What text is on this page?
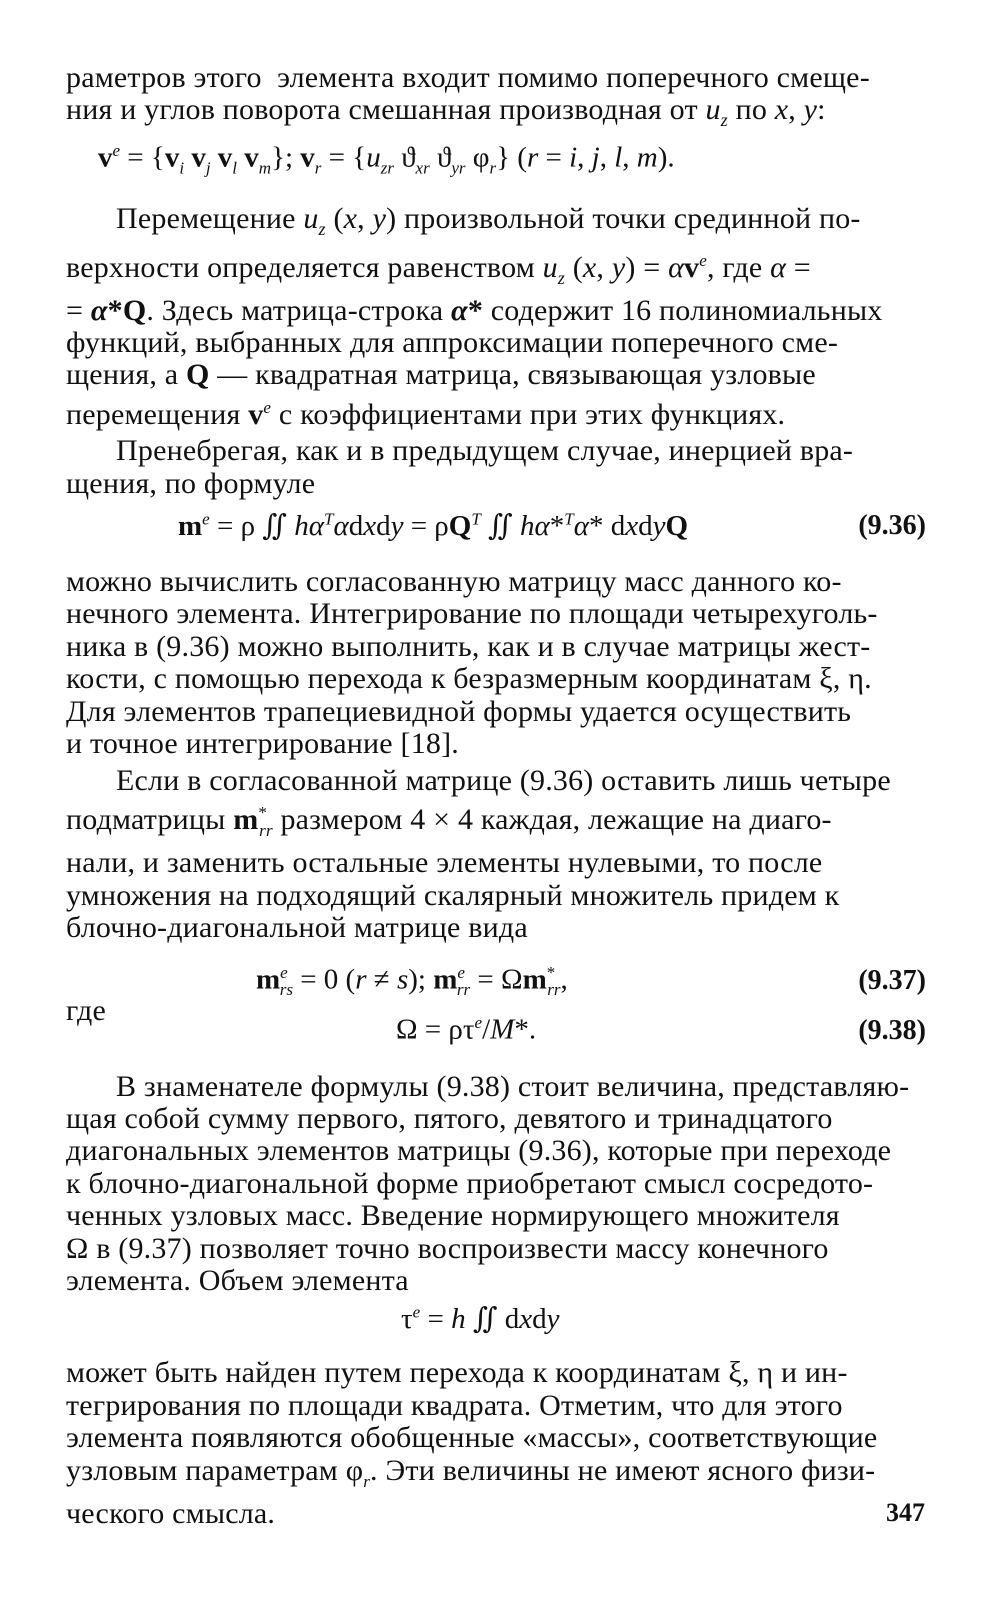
раметров этого  элемента входит помимо поперечного смеще-
ния и углов поворота смешанная производная от $u_z$ по x, y:
$v^e = \{v_i$ $v_j$ $v_l$ $v_m$}; $v_r = \{u_{zr}$ $ϑ_{xr}$ $ϑ_{yr}$ $\varphi_r$} (r = i, j, l, m).
Перемещение $u_z$ (x, y) произвольной точки срединной по-
верхности определяется равенством $u_z$ (x, $y) = \alpha v^e$, где α =
= α*Q. Здесь матрица-строка α* содержит 16 полиномиальных
функций, выбранных для аппроксимации поперечного сме-
щения, а Q — квадратная матрица, связывающая узловые
перемещения $v^e$ с коэффициентами при этих функциях.
Пренебрегая, как и в предыдущем случае, инерцией вра-
щения, по формуле
$m^e = \rho$ ∬ $h\alpha^T\alpha dxdy = \rho Q^T$ ∬ hα*$^T$α* dxdyQ	(9.36)
можно вычислить согласованную матрицу масс данного ко-
нечного элемента. Интегрирование по площади четырехуголь-
ника в (9.36) можно выполнить, как и в случае матрицы жест-
кости, с помощью перехода к безразмерным координатам ξ, η.
Для элементов трапециевидной формы удается осуществить
и точное интегрирование [18].
Если в согласованной матрице (9.36) оставить лишь четыре
подматрицы $m^*_{rr}$ размером 4 × 4 каждая, лежащие на диаго-
нали, и заменить остальные элементы нулевыми, то после
умножения на подходящий скалярный множитель придем к
блочно-диагональной матрице вида
$m^e_{rs} = 0$ (r ≠ s); $m^e_{rr} = \Omega m^*_{rr}$,	(9.37)
где
$\Omega = \rho\tau^e/M*$.	(9.38)
В знаменателе формулы (9.38) стоит величина, представляю-
щая собой сумму первого, пятого, девятого и тринадцатого
диагональных элементов матрицы (9.36), которые при переходе
к блочно-диагональной форме приобретают смысл сосредото-
ченных узловых масс. Введение нормирующего множителя
Ω в (9.37) позволяет точно воспроизвести массу конечного
элемента. Объем элемента
$\tau^e = h$ ∬ dxdy
может быть найден путем перехода к координатам ξ, η и ин-
тегрирования по площади квадрата. Отметим, что для этого
элемента появляются обобщенные «массы», соответствующие
узловым параметрам $\varphi_r$. Эти величины не имеют ясного физи-
ческого смысла.	347
